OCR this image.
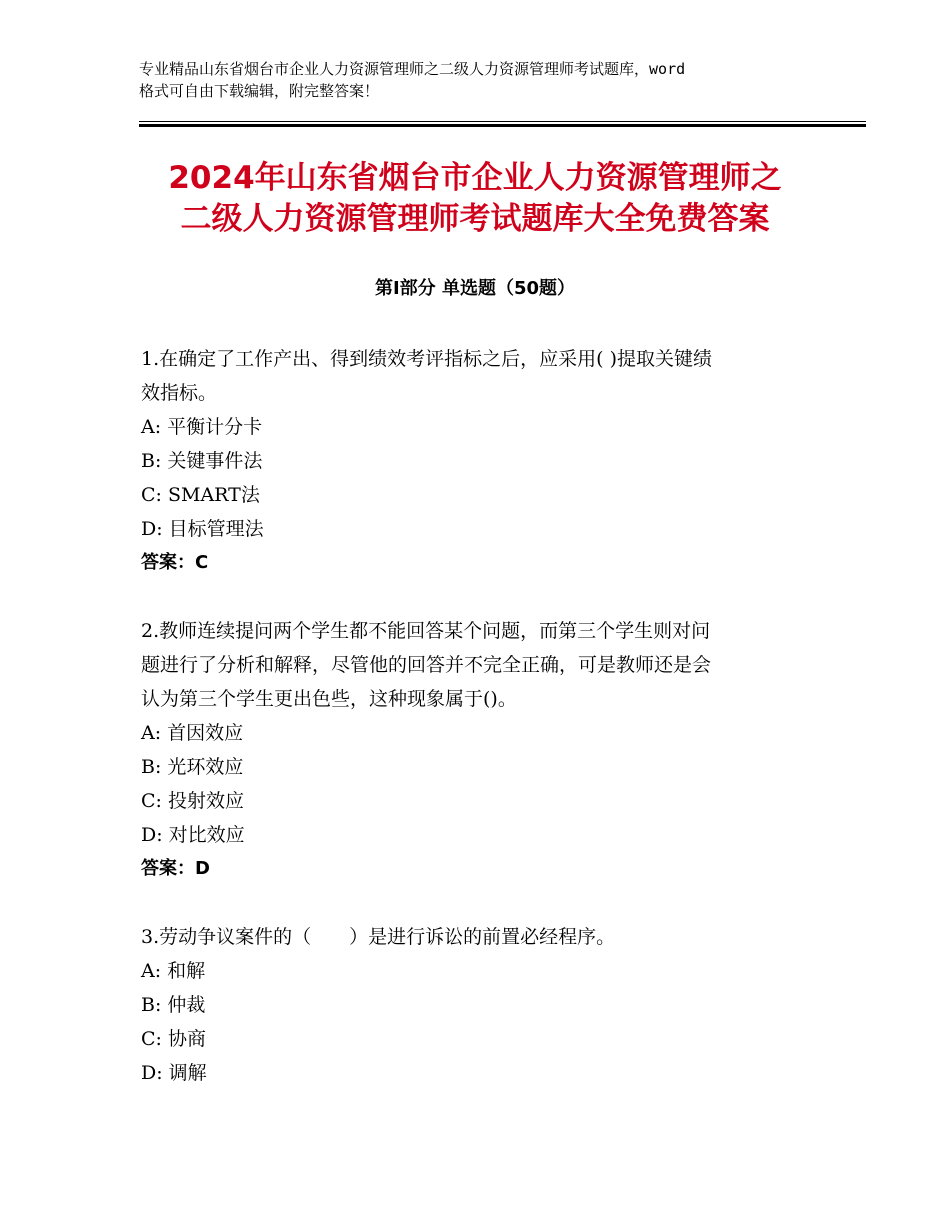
专业精品山东省烟台市企业人力资源管理师之二级人力资源管理师考试题库，word
格式可自由下载编辑，附完整答案！
2024年山东省烟台市企业人力资源管理师之
二级人力资源管理师考试题库大全免费答案
第Ⅰ部分 单选题（50题）
1.在确定了工作产出、得到绩效考评指标之后，应采用( )提取关键绩
效指标。
A: 平衡计分卡
B: 关键事件法
C: SMART法
D: 目标管理法
答案：C
2.教师连续提问两个学生都不能回答某个问题，而第三个学生则对问
题进行了分析和解释，尽管他的回答并不完全正确，可是教师还是会
认为第三个学生更出色些，这种现象属于()。
A: 首因效应
B: 光环效应
C: 投射效应
D: 对比效应
答案：D
3.劳动争议案件的（　　）是进行诉讼的前置必经程序。
A: 和解
B: 仲裁
C: 协商
D: 调解
